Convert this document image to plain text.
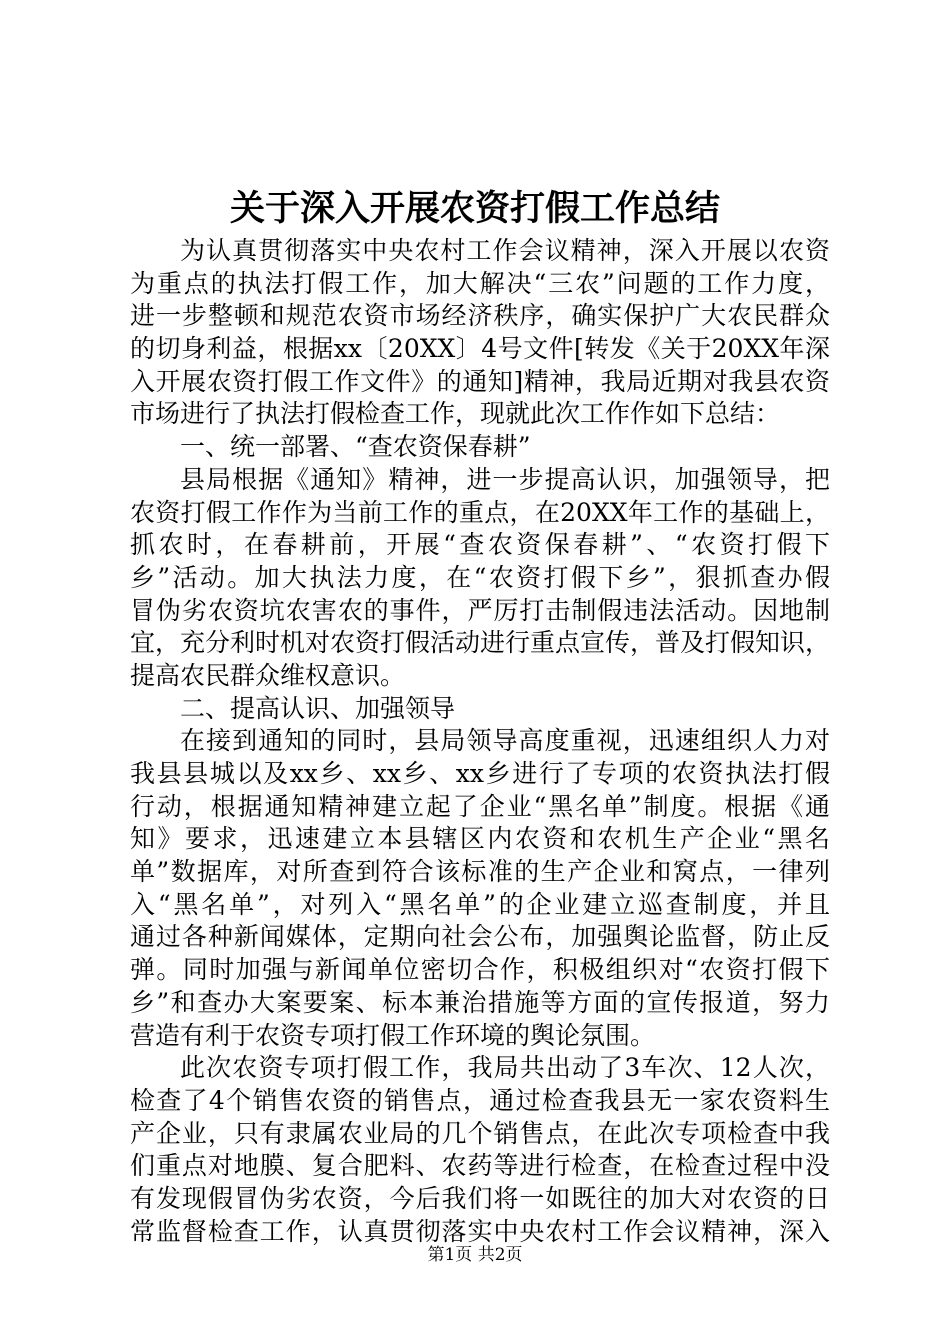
关于深入开展农资打假工作总结
为认真贯彻落实中央农村工作会议精神，深入开展以农资
为重点的执法打假工作，加大解决“三农”问题的工作力度，
进一步整顿和规范农资市场经济秩序，确实保护广大农民群众
的切身利益，根据xx〔20XX〕4号文件[转发《关于20XX年深
入开展农资打假工作文件》的通知]精神，我局近期对我县农资
市场进行了执法打假检查工作，现就此次工作作如下总结：
一、统一部署、“查农资保春耕”
县局根据《通知》精神，进一步提高认识，加强领导，把
农资打假工作作为当前工作的重点，在20XX年工作的基础上，
抓农时，在春耕前，开展“查农资保春耕”、“农资打假下
乡”活动。加大执法力度，在“农资打假下乡”，狠抓查办假
冒伪劣农资坑农害农的事件，严厉打击制假违法活动。因地制
宜，充分利时机对农资打假活动进行重点宣传，普及打假知识，
提高农民群众维权意识。
二、提高认识、加强领导
在接到通知的同时，县局领导高度重视，迅速组织人力对
我县县城以及xx乡、xx乡、xx乡进行了专项的农资执法打假
行动，根据通知精神建立起了企业“黑名单”制度。根据《通
知》要求，迅速建立本县辖区内农资和农机生产企业“黑名
单”数据库，对所查到符合该标准的生产企业和窝点，一律列
入“黑名单”，对列入“黑名单”的企业建立巡查制度，并且
通过各种新闻媒体，定期向社会公布，加强舆论监督，防止反
弹。同时加强与新闻单位密切合作，积极组织对“农资打假下
乡”和查办大案要案、标本兼治措施等方面的宣传报道，努力
营造有利于农资专项打假工作环境的舆论氛围。
此次农资专项打假工作，我局共出动了3车次、12人次，
检查了4个销售农资的销售点，通过检查我县无一家农资料生
产企业，只有隶属农业局的几个销售点，在此次专项检查中我
们重点对地膜、复合肥料、农药等进行检查，在检查过程中没
有发现假冒伪劣农资，今后我们将一如既往的加大对农资的日
常监督检查工作，认真贯彻落实中央农村工作会议精神，深入
第1页 共2页
